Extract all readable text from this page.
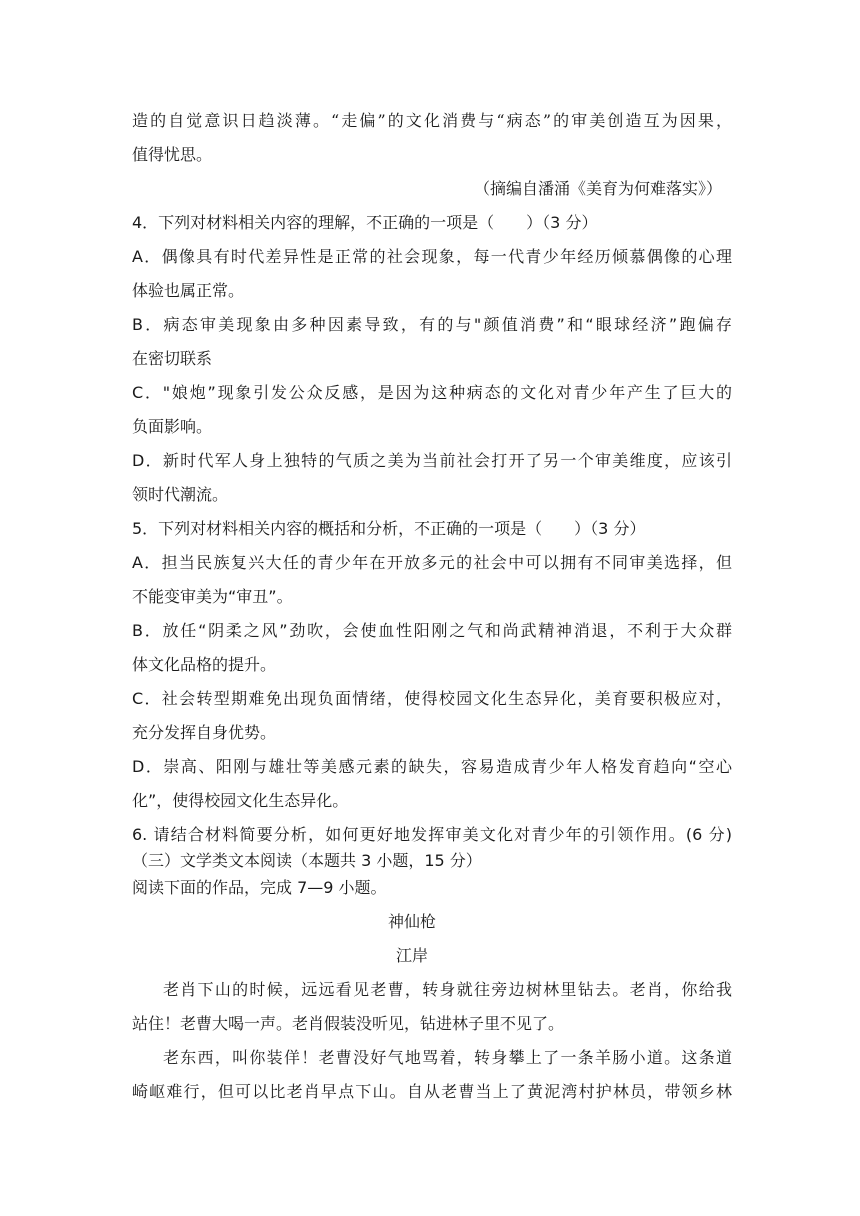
造的自觉意识日趋淡薄。“走偏”的文化消费与“病态”的审美创造互为因果，
值得忧思。
（摘编自潘涌《美育为何难落实》）
4．下列对材料相关内容的理解，不正确的一项是（　　）（3 分）
A．偶像具有时代差异性是正常的社会现象，每一代青少年经历倾慕偶像的心理
体验也属正常。
B．病态审美现象由多种因素导致，有的与"颜值消费”和“眼球经济”跑偏存
在密切联系
C．"娘炮”现象引发公众反感，是因为这种病态的文化对青少年产生了巨大的
负面影响。
D．新时代军人身上独特的气质之美为当前社会打开了另一个审美维度，应该引
领时代潮流。
5．下列对材料相关内容的概括和分析，不正确的一项是（　　）（3 分）
A．担当民族复兴大任的青少年在开放多元的社会中可以拥有不同审美选择，但
不能变审美为“审丑”。
B．放任“阴柔之风”劲吹，会使血性阳刚之气和尚武精神消退，不利于大众群
体文化品格的提升。
C．社会转型期难免出现负面情绪，使得校园文化生态异化，美育要积极应对，
充分发挥自身优势。
D．崇高、阳刚与雄壮等美感元素的缺失，容易造成青少年人格发育趋向“空心
化”，使得校园文化生态异化。
6. 请结合材料简要分析，如何更好地发挥审美文化对青少年的引领作用。(6 分)
（三）文学类文本阅读（本题共 3 小题，15 分）
阅读下面的作品，完成 7—9 小题。
神仙枪
江岸
老肖下山的时候，远远看见老曹，转身就往旁边树林里钻去。老肖，你给我
站住！老曹大喝一声。老肖假装没听见，钻进林子里不见了。
老东西，叫你装佯！老曹没好气地骂着，转身攀上了一条羊肠小道。这条道
崎岖难行，但可以比老肖早点下山。自从老曹当上了黄泥湾村护林员，带领乡林
